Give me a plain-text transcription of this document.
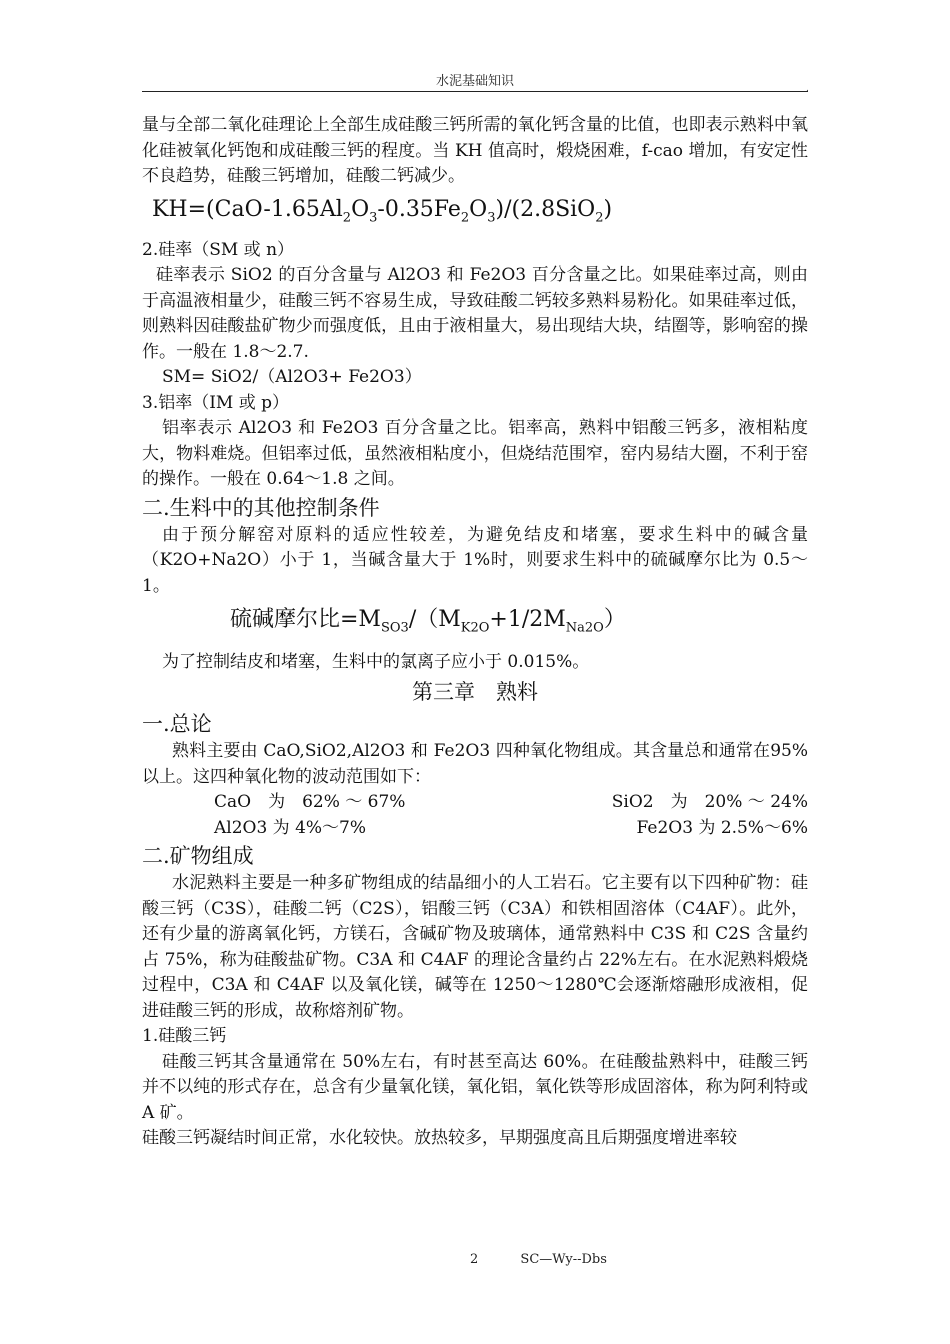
水泥基础知识	.

量与全部二氧化硅理论上全部生成硅酸三钙所需的氧化钙含量的比值，也即表示熟料中氧化硅被氧化钙饱和成硅酸三钙的程度。当 KH 值高时，煅烧困难，f-cao 增加，有安定性不良趋势，硅酸三钙增加，硅酸二钙减少。

$KH=(CaO-1.65Al_2O_3-0.35Fe_2O_3)/(2.8SiO_2)$

2.硅率（SM 或 n）

硅率表示 SiO2 的百分含量与 Al2O3 和 Fe2O3 百分含量之比。如果硅率过高，则由于高温液相量少，硅酸三钙不容易生成，导致硅酸二钙较多熟料易粉化。如果硅率过低，则熟料因硅酸盐矿物少而强度低，且由于液相量大，易出现结大块，结圈等，影响窑的操作。一般在 1.8～2.7.

SM= SiO2/（Al2O3+ Fe2O3）

3.铝率（IM 或 p）

铝率表示 Al2O3 和 Fe2O3 百分含量之比。铝率高，熟料中铝酸三钙多，液相粘度大，物料难烧。但铝率过低，虽然液相粘度小，但烧结范围窄，窑内易结大圈，不利于窑的操作。一般在 0.64～1.8 之间。

二.生料中的其他控制条件

由于预分解窑对原料的适应性较差，为避免结皮和堵塞，要求生料中的碱含量（K2O+Na2O）小于 1，当碱含量大于 1%时，则要求生料中的硫碱摩尔比为 0.5～1。

硫碱摩尔比$=M_{SO3}/(M_{K2O}+1/2M_{Na2O})$

为了控制结皮和堵塞，生料中的氯离子应小于 0.015%。

第三章　熟料

一.总论

熟料主要由 CaO,SiO2,Al2O3 和 Fe2O3 四种氧化物组成。其含量总和通常在95%以上。这四种氧化物的波动范围如下：

CaO　为　62% ～ 67%	SiO2　为　20% ～ 24%
Al2O3 为 4%～7%	Fe2O3 为 2.5%～6%

二.矿物组成

水泥熟料主要是一种多矿物组成的结晶细小的人工岩石。它主要有以下四种矿物：硅酸三钙（C3S），硅酸二钙（C2S），铝酸三钙（C3A）和铁相固溶体（C4AF）。此外，还有少量的游离氧化钙，方镁石，含碱矿物及玻璃体，通常熟料中 C3S 和 C2S 含量约占 75%，称为硅酸盐矿物。C3A 和 C4AF 的理论含量约占 22%左右。在水泥熟料煅烧过程中，C3A 和 C4AF 以及氧化镁，碱等在 1250～1280℃会逐渐熔融形成液相，促进硅酸三钙的形成，故称熔剂矿物。

1.硅酸三钙

硅酸三钙其含量通常在 50%左右，有时甚至高达 60%。在硅酸盐熟料中，硅酸三钙并不以纯的形式存在，总含有少量氧化镁，氧化铝，氧化铁等形成固溶体，称为阿利特或 A 矿。

硅酸三钙凝结时间正常，水化较快。放热较多，早期强度高且后期强度增进率较

2	SC—Wy--Dbs
